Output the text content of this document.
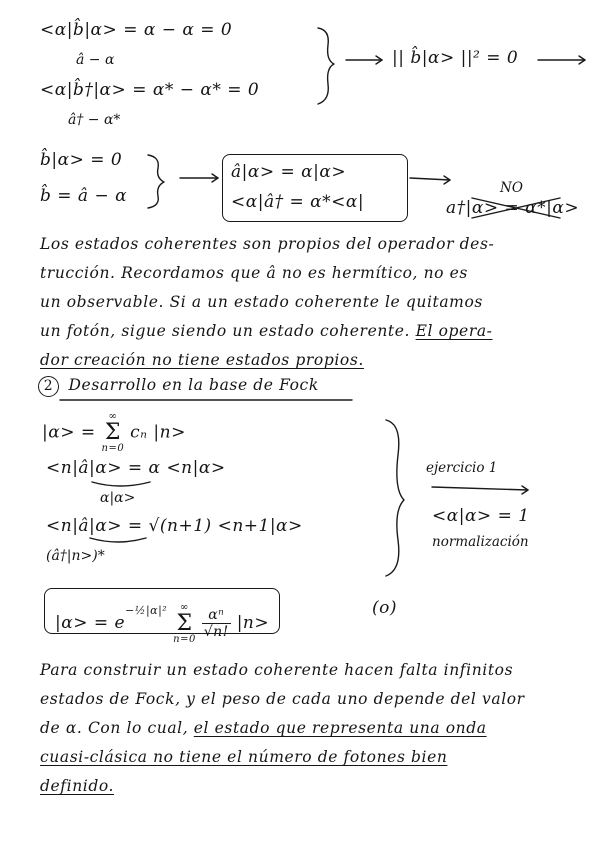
<α|b̂|α> = α − α = 0
â − α
<α|b̂†|α> = α* − α* = 0
â† − α*
|| b̂|α> ||² = 0
b̂|α> = 0
b̂ = â − α
â|α> = α|α>
<α|â† = α*<α|
NO
a†|α> = α*|α>
Los estados coherentes son propios del operador des-
trucción. Recordamos que â no es hermítico, no es
un observable. Si a un estado coherente le quitamos
un fotón, sigue siendo un estado coherente. El opera-
dor creación no tiene estados propios.
2 Desarrollo en la base de Fock
|α> = ∞
Σ
n=0 cₙ |n>
<n|â|α> = α <n|α>
α|α>
<n|â|α> = √(n+1) <n+1|α>
(â†|n>)*
ejercicio 1
<α|α> = 1
normalización
$|\alpha> = e^{-\frac{1}{2}|\alpha|^2}$ ∞
Σ
$n=0 \frac{\text{αⁿ}}{√n!} |n>$
(o)
Para construir un estado coherente hacen falta infinitos
estados de Fock, y el peso de cada uno depende del valor
de α. Con lo cual, el estado que representa una onda
cuasi-clásica no tiene el número de fotones bien
definido.
